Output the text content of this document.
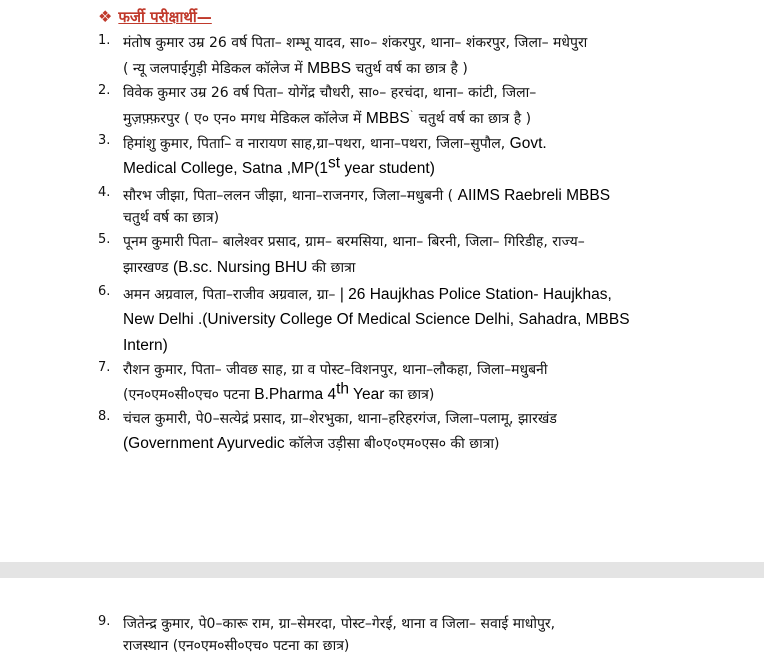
❖ फर्जी परीक्षार्थी—
1. मंतोष कुमार उम्र 26 वर्ष पिता– शम्भू यादव, सा०– शंकरपुर, थाना– शंकरपुर, जिला– मधेपुरा
( न्यू जलपाईगुड़ी मेडिकल कॉलेज में MBBS चतुर्थ वर्ष का छात्र है )
2. विवेक कुमार उम्र 26 वर्ष पिता– योगेंद्र चौधरी, सा०– हरचंदा, थाना– कांटी, जिला–
मुज़फ़्फ़रपुर ( ए० एन० मगध मेडिकल कॉलेज में MBBS` चतुर्थ वर्ष का छात्र है )
3. हिमांशु कुमार, पिता–ि व नारायण साह,ग्रा–पथरा, थाना–पथरा, जिला–सुपौल, Govt.
Medical College, Satna ,MP(1st year student)
4. सौरभ जीझा, पिता–ललन जीझा, थाना–राजनगर, जिला–मधुबनी ( AIIMS Raebreli MBBS
चतुर्थ वर्ष का छात्र)
5. पूनम कुमारी पिता– बालेश्वर प्रसाद, ग्राम– बरमसिया, थाना– बिरनी, जिला– गिरिडीह, राज्य–
झारखण्ड (B.sc. Nursing BHU की छात्रा
6. अमन अग्रवाल, पिता–राजीव अग्रवाल, ग्रा– | 26 Haujkhas Police Station- Haujkhas,
New Delhi .(University College Of Medical Science Delhi, Sahadra, MBBS
Intern)
7. रौशन कुमार, पिता– जीवछ साह, ग्रा व पोस्ट–विशनपुर, थाना–लौकहा, जिला–मधुबनी
(एन०एम०सी०एच० पटना B.Pharma 4th Year का छात्र)
8. चंचल कुमारी, पे0–सत्येद्रं प्रसाद, ग्रा–शेरभुका, थाना–हरिहरगंज, जिला–पलामू, झारखंड
(Government Ayurvedic कॉलेज उड़ीसा बी०ए०एम०एस० की छात्रा)
9. जितेन्द्र कुमार, पे0–कारू राम, ग्रा–सेमरदा, पोस्ट–गेरई, थाना व जिला– सवाई माधोपुर,
राजस्थान (एन०एम०सी०एच० पटना का छात्र)
